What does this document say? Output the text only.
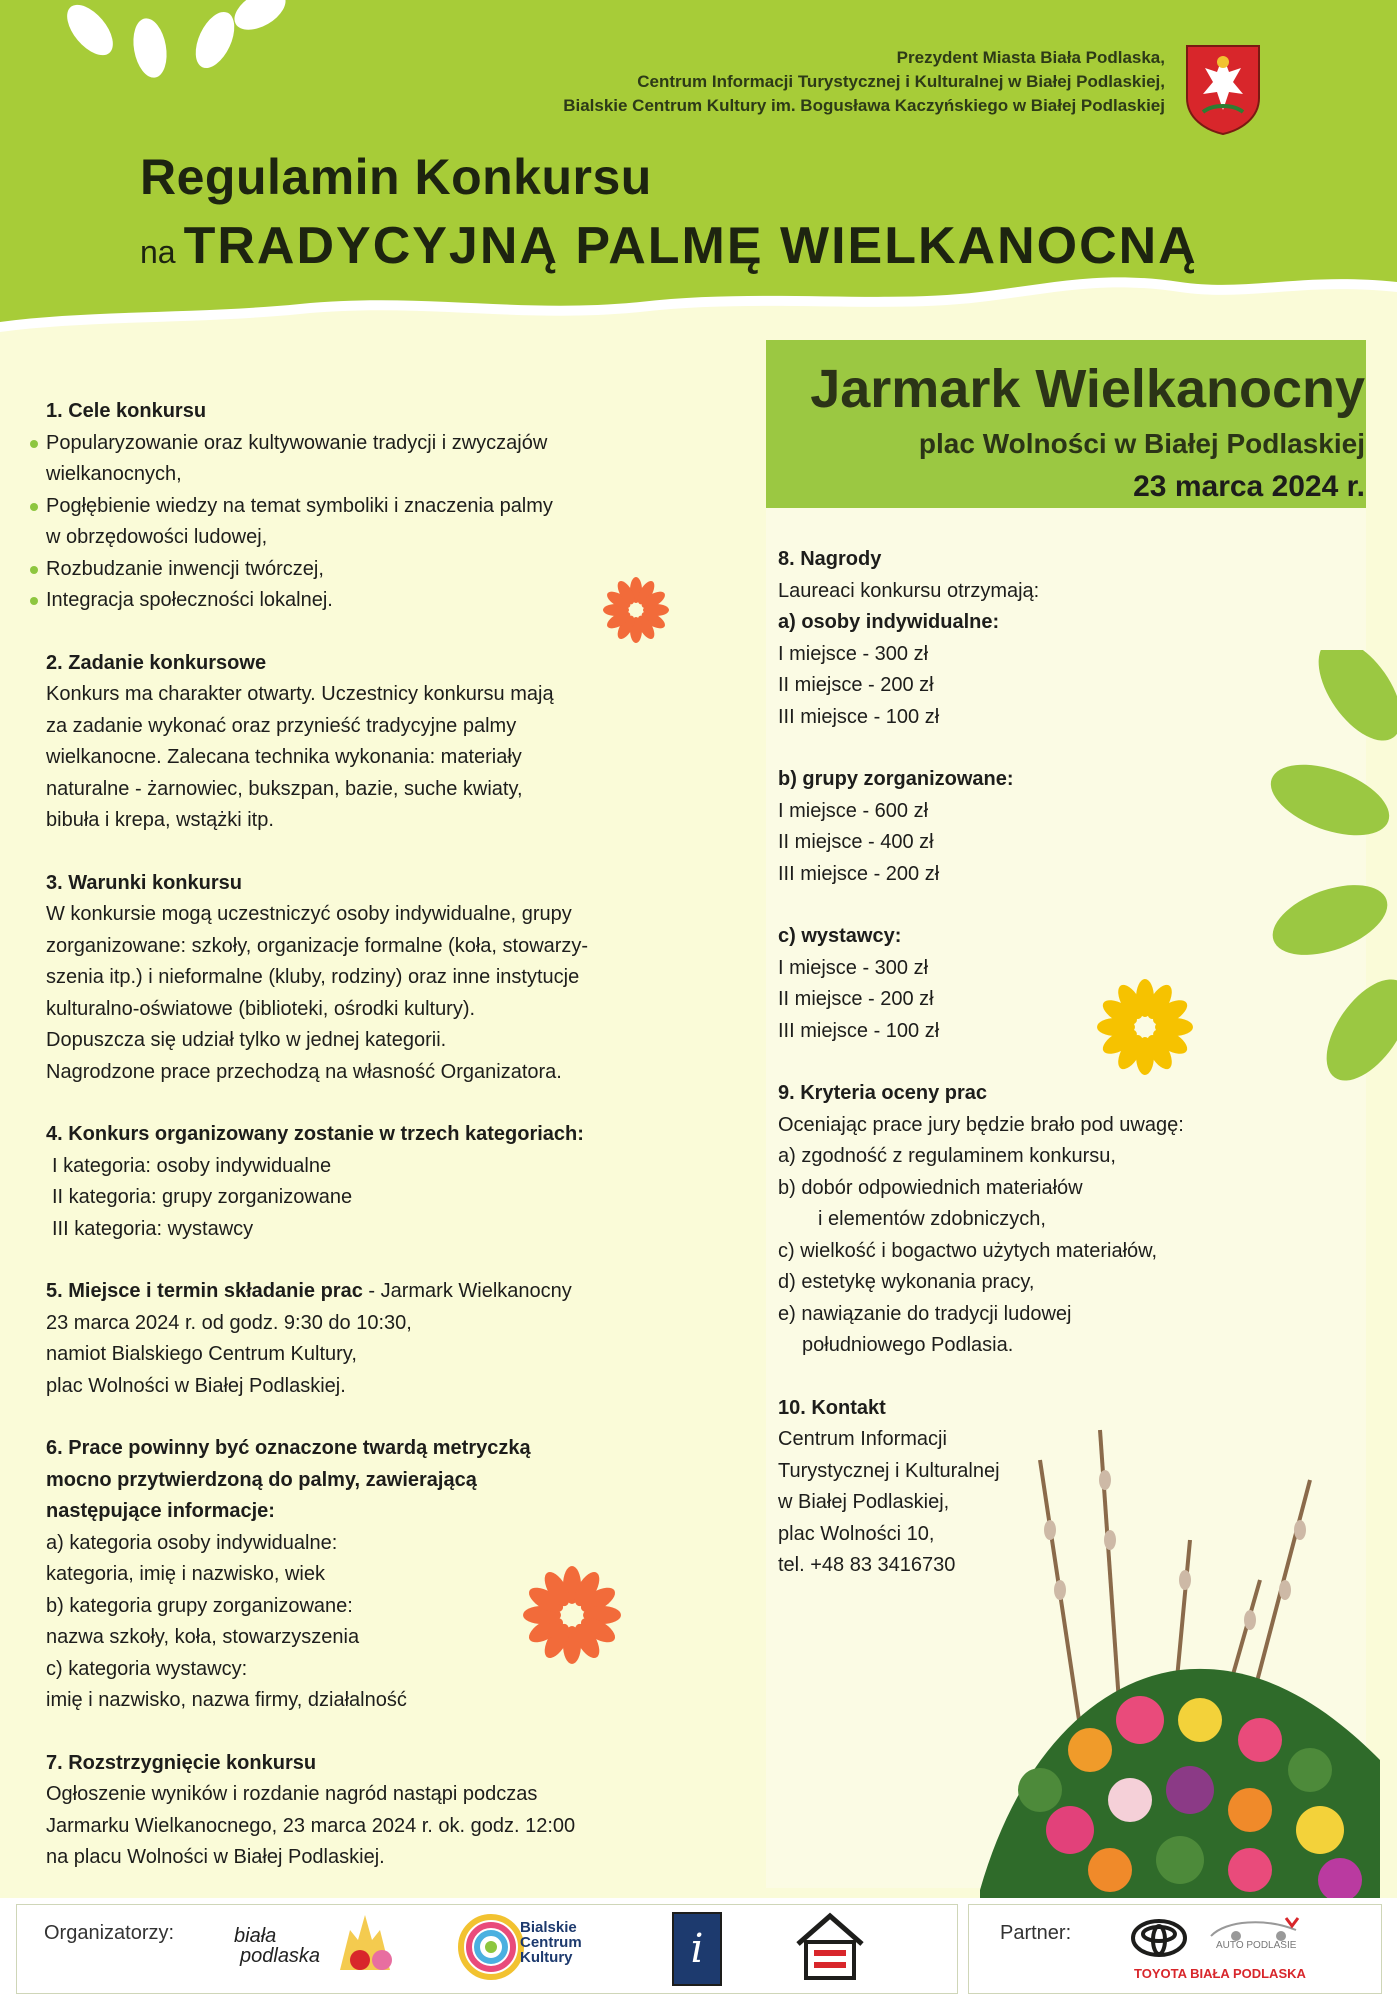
Prezydent Miasta Biała Podlaska,
Centrum Informacji Turystycznej i Kulturalnej w Białej Podlaskiej,
Bialskie Centrum Kultury im. Bogusława Kaczyńskiego w Białej Podlaskiej
Regulamin Konkursu
na TRADYCYJNĄ PALMĘ WIELKANOCNĄ
1. Cele konkursu
Popularyzowanie oraz kultywowanie tradycji i zwyczajów
wielkanocnych,
Pogłębienie wiedzy na temat symboliki i znaczenia palmy
w obrzędowości ludowej,
Rozbudzanie inwencji twórczej,
Integracja społeczności lokalnej.
2. Zadanie konkursowe

Konkurs ma charakter otwarty. Uczestnicy konkursu mają

za zadanie wykonać oraz przynieść tradycyjne palmy

wielkanocne. Zalecana technika wykonania: materiały

naturalne - żarnowiec, bukszpan, bazie, suche kwiaty,

bibuła i krepa, wstążki itp.

3. Warunki konkursu

W konkursie mogą uczestniczyć osoby indywidualne, grupy

zorganizowane: szkoły, organizacje formalne (koła, stowarzy-

szenia itp.) i nieformalne (kluby, rodziny) oraz inne instytucje

kulturalno-oświatowe (biblioteki, ośrodki kultury).

Dopuszcza się udział tylko w jednej kategorii.

Nagrodzone prace przechodzą na własność Organizatora.

4. Konkurs organizowany zostanie w trzech kategoriach:

I kategoria: osoby indywidualne

II kategoria: grupy zorganizowane

III kategoria: wystawcy

5. Miejsce i termin składanie prac - Jarmark Wielkanocny

23 marca 2024 r. od godz. 9:30 do 10:30,

namiot Bialskiego Centrum Kultury,

plac Wolności w Białej Podlaskiej.

6. Prace powinny być oznaczone twardą metryczką
mocno przytwierdzoną do palmy, zawierającą
następujące informacje:

a) kategoria osoby indywidualne:

kategoria, imię i nazwisko, wiek

b) kategoria grupy zorganizowane:

nazwa szkoły, koła, stowarzyszenia

c) kategoria wystawcy:

imię i nazwisko, nazwa firmy, działalność

7. Rozstrzygnięcie konkursu

Ogłoszenie wyników i rozdanie nagród nastąpi podczas

Jarmarku Wielkanocnego, 23 marca 2024 r. ok. godz. 12:00

na placu Wolności w Białej Podlaskiej.

Jarmark Wielkanocny
plac Wolności w Białej Podlaskiej
23 marca 2024 r.
8. Nagrody

Laureaci konkursu otrzymają:

a) osoby indywidualne:

I miejsce - 300 zł

II miejsce - 200 zł

III miejsce - 100 zł

b) grupy zorganizowane:

I miejsce - 600 zł

II miejsce - 400 zł

III miejsce - 200 zł

c) wystawcy:

I miejsce - 300 zł

II miejsce - 200 zł

III miejsce - 100 zł

9. Kryteria oceny prac

Oceniając prace jury będzie brało pod uwagę:

a) zgodność z regulaminem konkursu,

b) dobór odpowiednich materiałów

i elementów zdobniczych,

c) wielkość i bogactwo użytych materiałów,

d) estetykę wykonania pracy,

e) nawiązanie do tradycji ludowej

południowego Podlasia.

10. Kontakt

Centrum Informacji

Turystycznej i Kulturalnej

w Białej Podlaskiej,

plac Wolności 10,

tel. +48 83 3416730

Organizatorzy:	Partner:
biała
podlaska
Bialskie
Centrum
Kultury	i	AUTO PODLASIE
TOYOTA BIAŁA PODLASKA
